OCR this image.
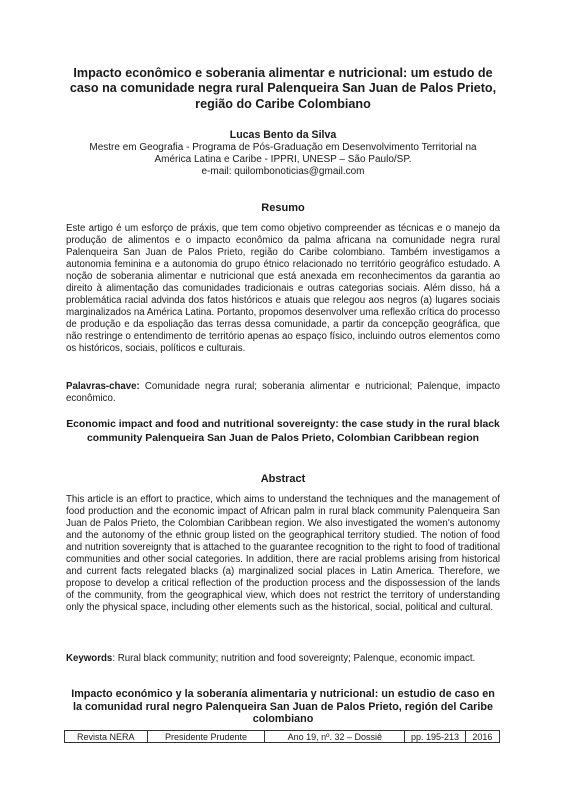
Impacto econômico e soberania alimentar e nutricional: um estudo de caso na comunidade negra rural Palenqueira San Juan de Palos Prieto, região do Caribe Colombiano
Lucas Bento da Silva
Mestre em Geografia - Programa de Pós-Graduação em Desenvolvimento Territorial na
América Latina e Caribe - IPPRI, UNESP – São Paulo/SP.
e-mail: quilombonoticias@gmail.com
Resumo
Este artigo é um esforço de práxis, que tem como objetivo compreender as técnicas e o manejo da produção de alimentos e o impacto econômico da palma africana na comunidade negra rural Palenqueira San Juan de Palos Prieto, região do Caribe colombiano. Também investigamos a autonomia feminina e a autonomia do grupo étnico relacionado no território geográfico estudado. A noção de soberania alimentar e nutricional que está anexada em reconhecimentos da garantia ao direito à alimentação das comunidades tradicionais e outras categorias sociais. Além disso, há a problemática racial advinda dos fatos históricos e atuais que relegou aos negros (a) lugares sociais marginalizados na América Latina. Portanto, propomos desenvolver uma reflexão crítica do processo de produção e da espoliação das terras dessa comunidade, a partir da concepção geográfica, que não restringe o entendimento de território apenas ao espaço físico, incluindo outros elementos como os históricos, sociais, políticos e culturais.
Palavras-chave: Comunidade negra rural; soberania alimentar e nutricional; Palenque, impacto econômico.
Economic impact and food and nutritional sovereignty: the case study in the rural black community Palenqueira San Juan de Palos Prieto, Colombian Caribbean region
Abstract
This article is an effort to practice, which aims to understand the techniques and the management of food production and the economic impact of African palm in rural black community Palenqueira San Juan de Palos Prieto, the Colombian Caribbean region. We also investigated the women's autonomy and the autonomy of the ethnic group listed on the geographical territory studied. The notion of food and nutrition sovereignty that is attached to the guarantee recognition to the right to food of traditional communities and other social categories. In addition, there are racial problems arising from historical and current facts relegated blacks (a) marginalized social places in Latin America. Therefore, we propose to develop a critical reflection of the production process and the dispossession of the lands of the community, from the geographical view, which does not restrict the territory of understanding only the physical space, including other elements such as the historical, social, political and cultural.
Keywords: Rural black community; nutrition and food sovereignty; Palenque, economic impact.
Impacto económico y la soberanía alimentaria y nutricional: un estudio de caso en la comunidad rural negro Palenqueira San Juan de Palos Prieto, región del Caribe colombiano
Revista NERA	Presidente Prudente	Ano 19, nº. 32 – Dossiê	pp. 195-213	2016
